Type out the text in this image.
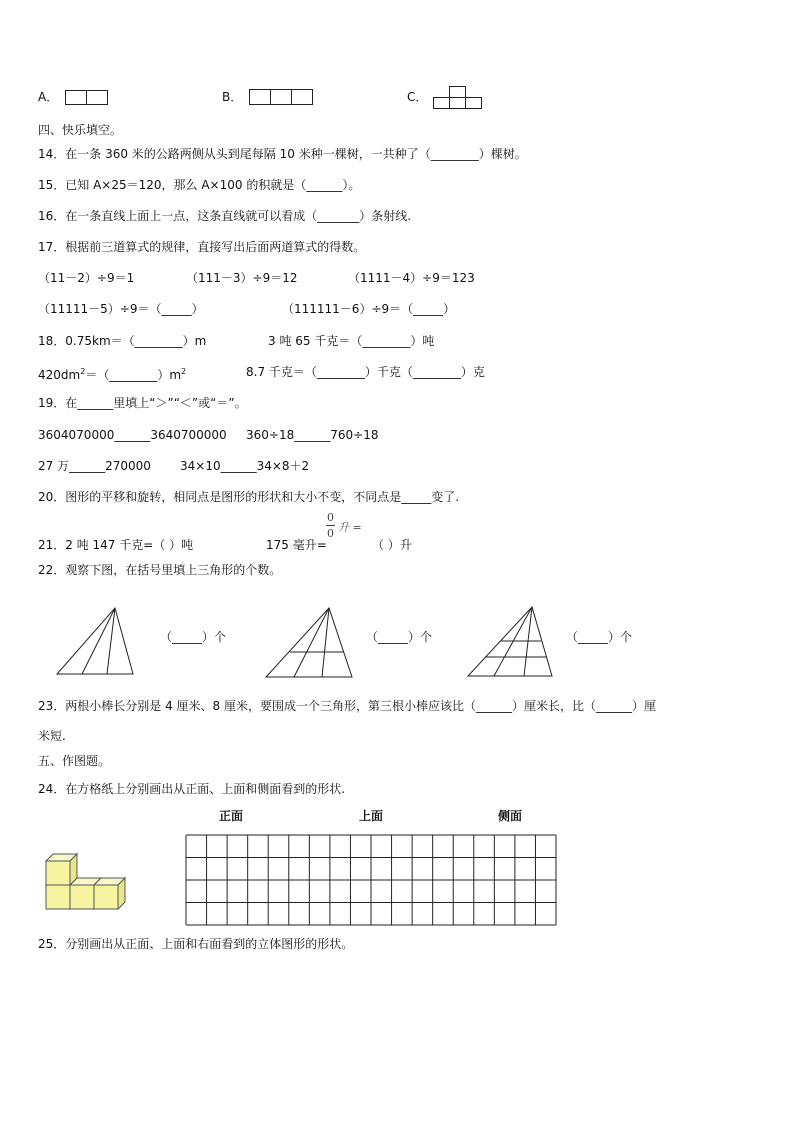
A．	B．	C．
四、快乐填空。
14．在一条 360 米的公路两侧从头到尾每隔 10 米种一棵树，一共种了（________）棵树。
15．已知 A×25＝120，那么 A×100 的积就是（______）。
16．在一条直线上面上一点，这条直线就可以看成（_______）条射线.
17．根据前三道算式的规律，直接写出后面两道算式的得数。
（11－2）÷9＝1	（111－3）÷9＝12	（1111－4）÷9＝123
（11111－5）÷9＝（_____）	（111111－6）÷9＝（_____）
18．0.75km＝（________）m	3 吨 65 千克＝（________）吨
$420dm^2=(\_\_\_\_\_\_\_\_)m^2$	8.7 千克＝（________）千克（________）克
19．在______里填上“＞”“＜”或“＝”。
3604070000______3640700000 360÷18______760÷18
27 万______270000 34×10______34×8＋2
20．图形的平移和旋转，相同点是图形的形状和大小不变，不同点是_____变了.
21．2 吨 147 千克=（ ）吨	175 毫升=
0
0 升 =
（ ）升
22．观察下图，在括号里填上三角形的个数。
（_____）个	（_____）个	（_____）个
23．两根小棒长分别是 4 厘米、8 厘米，要围成一个三角形，第三根小棒应该比（______）厘米长，比（______）厘
米短.
五、作图题。
24．在方格纸上分别画出从正面、上面和侧面看到的形状.
正面	上面	侧面
25．分别画出从正面、上面和右面看到的立体图形的形状。
